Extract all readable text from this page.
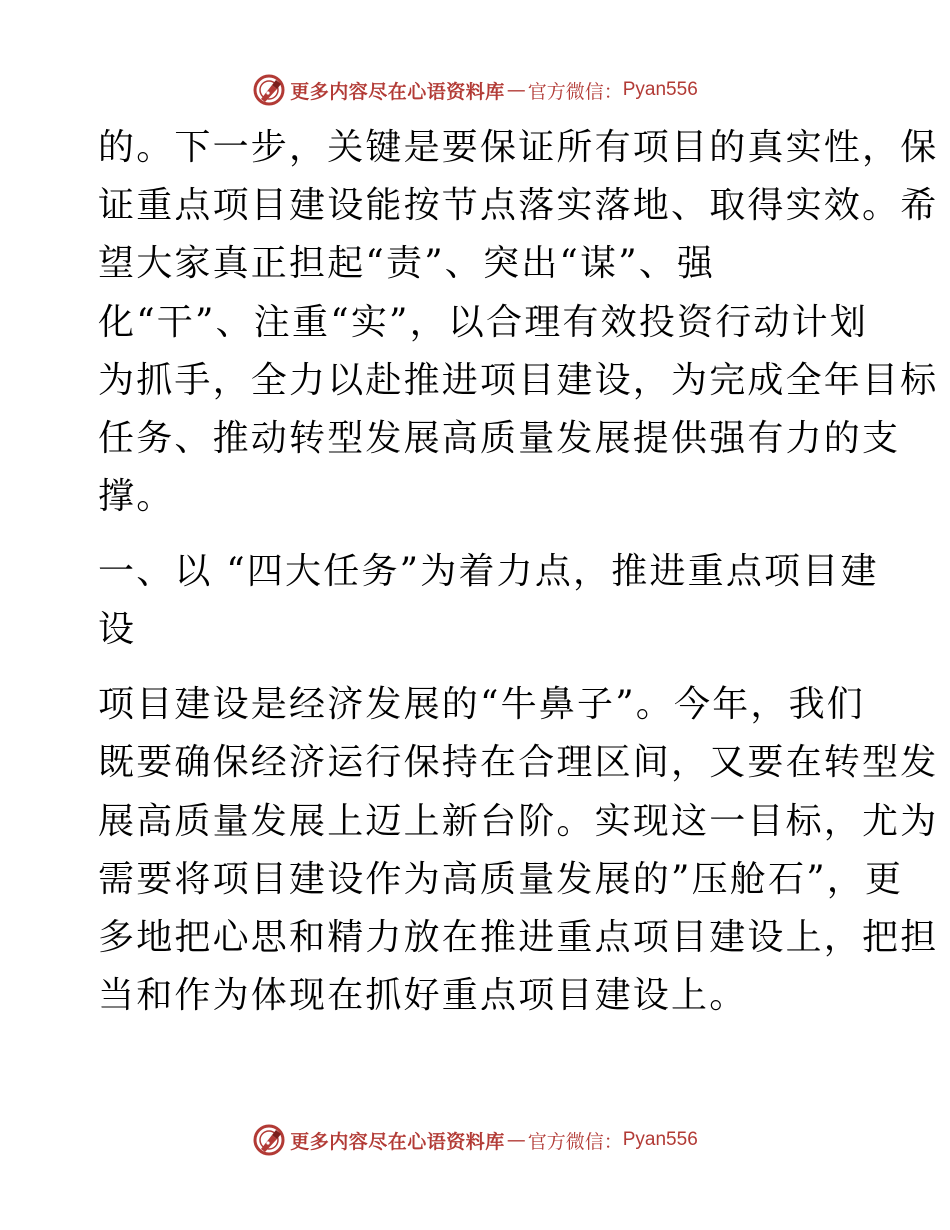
更多内容尽在心语资料库 — 官方微信： Pyan556
的。下一步，关键是要保证所有项目的真实性，保
证重点项目建设能按节点落实落地、取得实效。希
望大家真正担起“责”、突出“谋”、强
化“干”、注重“实”，以合理有效投资行动计划
为抓手，全力以赴推进项目建设，为完成全年目标
任务、推动转型发展高质量发展提供强有力的支
撑。
一、以 “四大任务”为着力点，推进重点项目建
设
项目建设是经济发展的“牛鼻子”。今年，我们
既要确保经济运行保持在合理区间，又要在转型发
展高质量发展上迈上新台阶。实现这一目标，尤为
需要将项目建设作为高质量发展的”压舱石”，更
多地把心思和精力放在推进重点项目建设上，把担
当和作为体现在抓好重点项目建设上。
更多内容尽在心语资料库 — 官方微信： Pyan556
